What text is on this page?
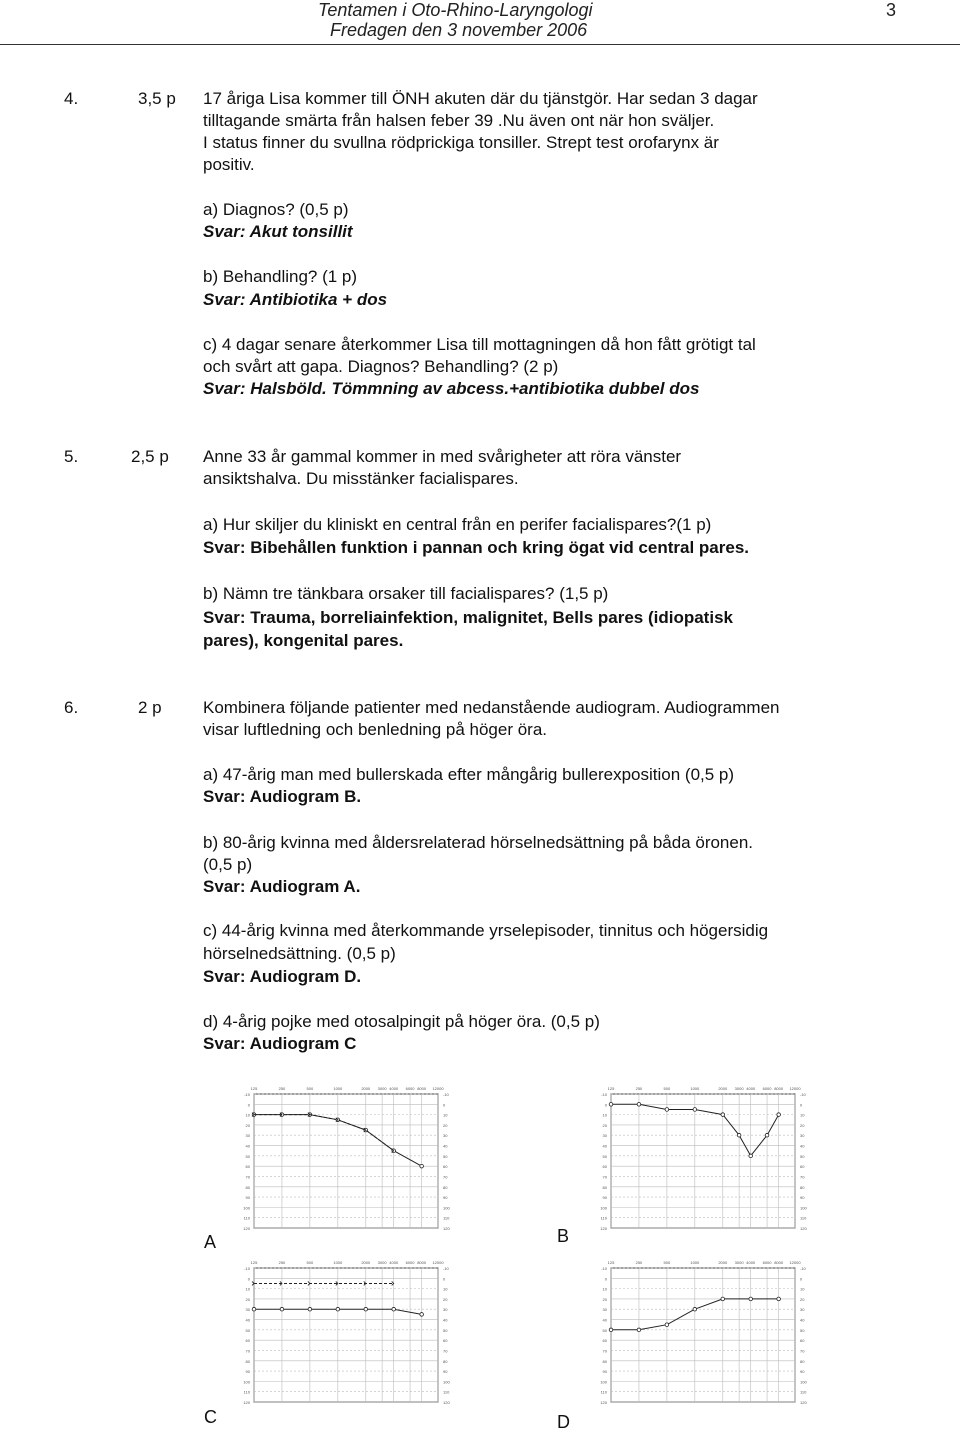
Tentamen i Oto-Rhino-Laryngologi
Fredagen den 3 november 2006
3
4.	3,5 p 17 åriga Lisa kommer till ÖNH akuten där du tjänstgör. Har sedan 3 dagar
tilltagande smärta från halsen feber 39 .Nu även ont när hon sväljer.
I status finner du svullna rödprickiga tonsiller. Strept test orofarynx är
positiv.
a) Diagnos? (0,5 p)
Svar: Akut tonsillit
b) Behandling? (1 p)
Svar: Antibiotika + dos
c) 4 dagar senare återkommer Lisa till mottagningen då hon fått grötigt tal
och svårt att gapa. Diagnos? Behandling? (2 p)
Svar: Halsböld. Tömmning av abcess.+antibiotika dubbel dos
5.	2,5 p Anne 33 år gammal kommer in med svårigheter att röra vänster
ansiktshalva. Du misstänker facialispares.
a) Hur skiljer du kliniskt en central från en perifer facialispares?(1 p)
Svar: Bibehållen funktion i pannan och kring ögat vid central pares.
b) Nämn tre tänkbara orsaker till facialispares? (1,5 p)
Svar: Trauma, borreliainfektion, malignitet, Bells pares (idiopatisk
pares), kongenital pares.
6.	2 p Kombinera följande patienter med nedanstående audiogram. Audiogrammen
visar luftledning och benledning på höger öra.
a) 47-årig man med bullerskada efter mångårig bullerexposition (0,5 p)
Svar: Audiogram B.
b) 80-årig kvinna med åldersrelaterad hörselnedsättning på båda öronen.
(0,5 p)
Svar: Audiogram A.
c) 44-årig kvinna med återkommande yrselepisoder, tinnitus och högersidig
hörselnedsättning. (0,5 p)
Svar: Audiogram D.
d) 4-årig pojke med otosalpingit på höger öra. (0,5 p)
Svar: Audiogram C
-10	-10
0	0
10	10
20	20
30	30
40	40
50	50
60	60
70	70
80	80
90	90
100	100
110	110
120	120
125	250	500	1000	2000 3000 4000 6000 8000 12000
-10	-10
0	0
10	10
20	20
30	30
40	40
50	50
60	60
70	70
80	80
90	90
100	100
110	110
120	120
125	250	500	1000	2000 3000 4000 6000 8000 12000
-10	-10
0	0
10	10
20	20
30	30
40	40
50	50
60	60
70	70
80	80
90	90
100	100
110	110
120	120
125	250	500	1000	2000 3000 4000 6000 8000 12000
-10	-10
0	0
10	10
20	20
30	30
40	40
50	50
60	60
70	70
80	80
90	90
100	100
110	110
120	120
125	250	500	1000	2000 3000 4000 6000 8000 12000
A	B
C	D
